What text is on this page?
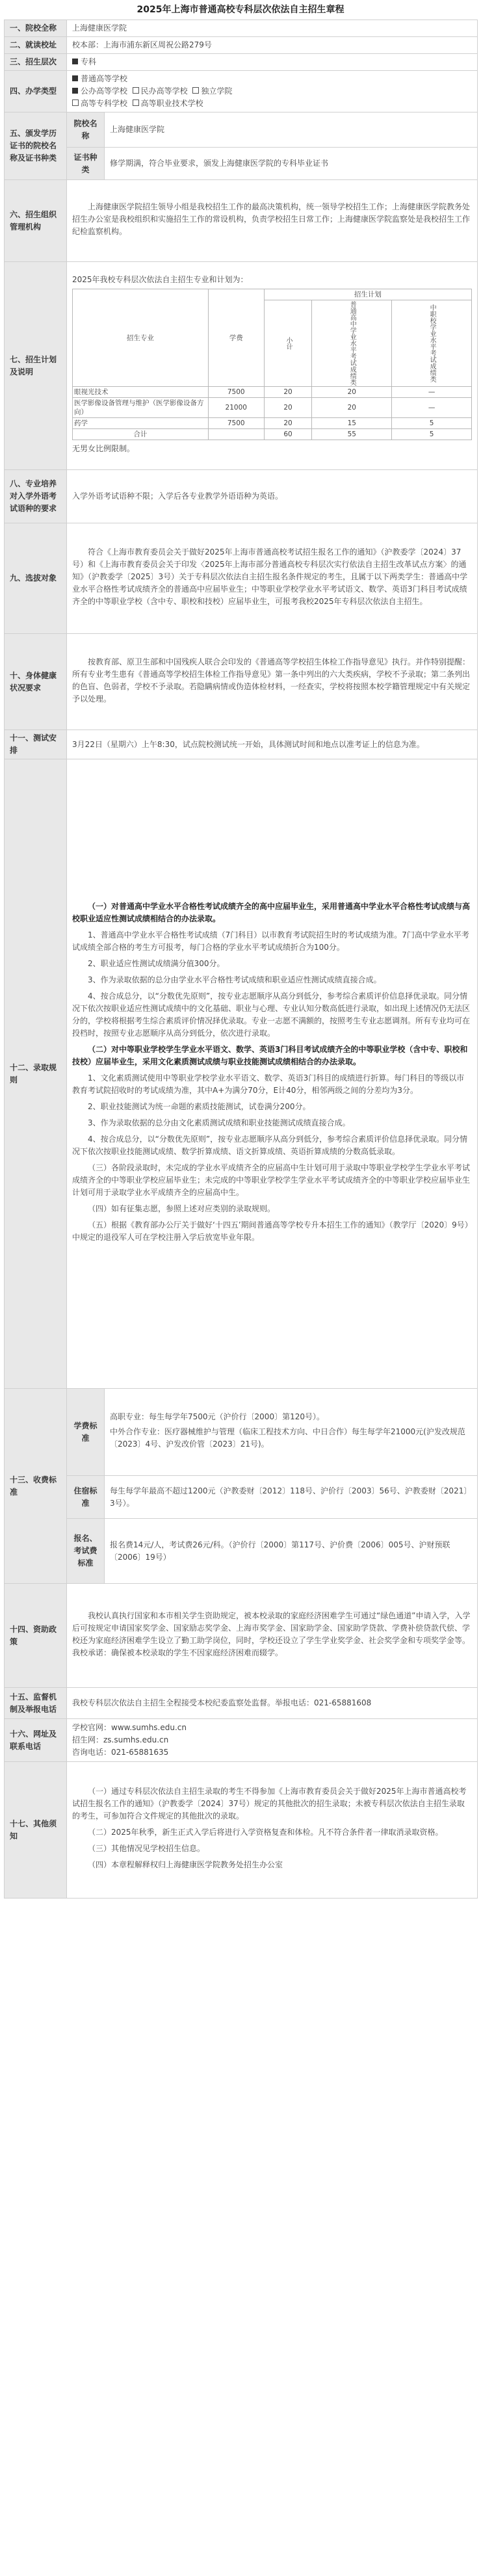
2025年上海市普通高校专科层次依法自主招生章程
一、院校全称	上海健康医学院
二、就读校址	校本部：上海市浦东新区周祝公路279号
三、招生层次	专科
四、办学类型	
普通高等学校
公办高等学校 民办高等学校 独立学院
高等专科学校 高等职业技术学校

五、颁发学历证书的院校名称及证书种类	院校名称	上海健康医学院
证书种类	修学期满，符合毕业要求，颁发上海健康医学院的专科毕业证书
六、招生组织管理机构	

上海健康医学院招生领导小组是我校招生工作的最高决策机构，统一领导学校招生工作；上海健康医学院教务处招生办公室是我校组织和实施招生工作的常设机构，负责学校招生日常工作；上海健康医学院监察处是我校招生工作纪检监察机构。

七、招生计划及说明	

2025年我校专科层次依法自主招生专业和计划为：

招生专业	学费	招生计划

小计	普通高中学业水平考试成绩类	中职校学业水平考试成绩类

眼视光技术	7500	20	20	—
医学影像设备管理与维护（医学影像设备方向）	21000	20	20	—
药学	7500	20	15	5
合计		60	55	5

无男女比例限制。

八、专业培养对入学外语考试语种的要求	入学外语考试语种不限；入学后各专业教学外语语种为英语。
九、选拔对象	

符合《上海市教育委员会关于做好2025年上海市普通高校考试招生报名工作的通知》（沪教委学〔2024〕37号）和《上海市教育委员会关于印发〈2025年上海市部分普通高校专科层次实行依法自主招生改革试点方案〉的通知》（沪教委学〔2025〕3号）关于专科层次依法自主招生报名条件规定的考生，且属于以下两类学生：普通高中学业水平合格性考试成绩齐全的普通高中应届毕业生；中等职业学校学业水平考试语文、数学、英语3门科目考试成绩齐全的中等职业学校（含中专、职校和技校）应届毕业生，可报考我校2025年专科层次依法自主招生。

十、身体健康状况要求	

按教育部、原卫生部和中国残疾人联合会印发的《普通高等学校招生体检工作指导意见》执行。并作特别提醒：所有专业考生患有《普通高等学校招生体检工作指导意见》第一条中列出的六大类疾病，学校不予录取；第二条列出的色盲、色弱者，学校不予录取。若隐瞒病情或伪造体检材料，一经查实，学校将按照本校学籍管理规定中有关规定予以处理。

十一、测试安排	3月22日（星期六）上午8:30，试点院校测试统一开始，具体测试时间和地点以准考证上的信息为准。
十二、录取规则	

（一）对普通高中学业水平合格性考试成绩齐全的高中应届毕业生，采用普通高中学业水平合格性考试成绩与高校职业适应性测试成绩相结合的办法录取。

1、普通高中学业水平合格性考试成绩（7门科目）以市教育考试院招生时的考试成绩为准。7门高中学业水平考试成绩全部合格的考生方可报考，每门合格的学业水平考试成绩折合为100分。

2、职业适应性测试成绩满分值300分。

3、作为录取依据的总分由学业水平合格性考试成绩和职业适应性测试成绩直接合成。

4、按合成总分，以“分数优先原则”，按专业志愿顺序从高分到低分，参考综合素质评价信息择优录取。同分情况下依次按职业适应性测试成绩中的文化基础、职业与心理、专业认知分数高低进行录取，如出现上述情况仍无法区分的，学校将根据考生综合素质评价情况择优录取。专业一志愿不满额的，按照考生专业志愿调剂。所有专业均可在投档时，按照专业志愿顺序从高分到低分，依次进行录取。

（二）对中等职业学校学生学业水平语文、数学、英语3门科目考试成绩齐全的中等职业学校（含中专、职校和技校）应届毕业生，采用文化素质测试成绩与职业技能测试成绩相结合的办法录取。

1、文化素质测试使用中等职业学校学业水平语文、数学、英语3门科目的成绩进行折算。每门科目的等级以市教育考试院招收时的考试成绩为准，其中A+为满分70分，E计40分，相邻两级之间的分差均为3分。

2、职业技能测试为统一命题的素质技能测试，试卷满分200分。

3、作为录取依据的总分由文化素质测试成绩和职业技能测试成绩直接合成。

4、按合成总分，以“分数优先原则”，按专业志愿顺序从高分到低分，参考综合素质评价信息择优录取。同分情况下依次按职业技能测试成绩、数学折算成绩、语文折算成绩、英语折算成绩的分数高低录取。

（三）各阶段录取时，未完成的学业水平成绩齐全的应届高中生计划可用于录取中等职业学校学生学业水平考试成绩齐全的中等职业学校应届毕业生；未完成的中等职业学校学生学业水平考试成绩齐全的中等职业学校应届毕业生计划可用于录取学业水平成绩齐全的应届高中生。

（四）如有征集志愿，参照上述对应类别的录取规则。

（五）根据《教育部办公厅关于做好‘十四五’期间普通高等学校专升本招生工作的通知》（教学厅〔2020〕9号）中规定的退役军人可在学校注册入学后放宽毕业年限。

十三、收费标准	学费标准	

高职专业：每生每学年7500元（沪价行〔2000〕第120号）。

中外合作专业：医疗器械维护与管理（临床工程技术方向、中日合作）每生每学年21000元(沪发改规范〔2023〕4号、沪发改价管〔2023〕21号)。

住宿标准	每生每学年最高不超过1200元（沪教委财〔2012〕118号、沪价行〔2003〕56号、沪教委财〔2021〕3号）。
报名、考试费标准	报名费14元/人，考试费26元/科。（沪价行〔2000〕第117号、沪价费〔2006〕005号、沪财预联〔2006〕19号）
十四、资助政策	

我校认真执行国家和本市相关学生资助规定，被本校录取的家庭经济困难学生可通过“绿色通道”申请入学，入学后可按规定申请国家奖学金、国家励志奖学金、上海市奖学金、国家助学金、国家助学贷款、学费补偿贷款代偿、学校还为家庭经济困难学生设立了勤工助学岗位，同时，学校还设立了学生学业奖学金、社会奖学金和专项奖学金等。我校承诺：确保被本校录取的学生不因家庭经济困难而辍学。

十五、监督机制及举报电话	我校专科层次依法自主招生全程接受本校纪委监察处监督。举报电话：021-65881608
十六、网址及联系电话	
学校官网：www.sumhs.edu.cn
招生网：zs.sumhs.edu.cn
咨询电话：021-65881635

十七、其他须知	

（一）通过专科层次依法自主招生录取的考生不得参加《上海市教育委员会关于做好2025年上海市普通高校考试招生报名工作的通知》（沪教委学〔2024〕37号）规定的其他批次的招生录取；未被专科层次依法自主招生录取的考生，可参加符合文件规定的其他批次的录取。

（二）2025年秋季，新生正式入学后将进行入学资格复查和体检。凡不符合条件者一律取消录取资格。

（三）其他情况见学校招生信息。

（四）本章程解释权归上海健康医学院教务处招生办公室
